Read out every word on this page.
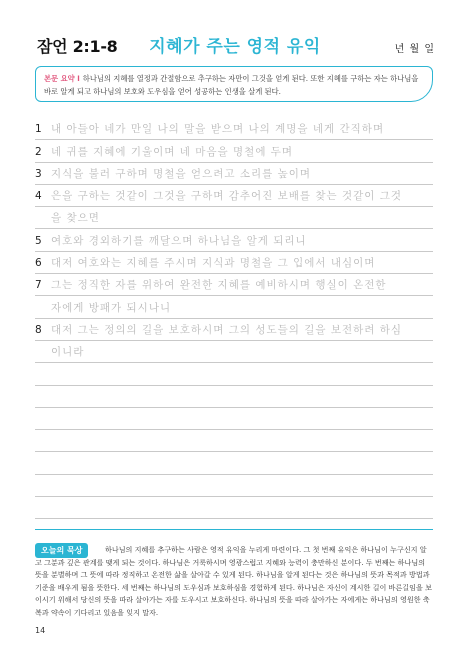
잠언 2:1-8	지혜가 주는 영적 유익	년 월 일
본문 요약 l 하나님의 지혜를 열정과 간절함으로 추구하는 자만이 그것을 얻게 된다. 또한 지혜를 구하는 자는 하나님을 바로 알게 되고 하나님의 보호와 도우심을 얻어 성공하는 인생을 살게 된다.
1 내 아들아 네가 만일 나의 말을 받으며 나의 계명을 네게 간직하며
2 네 귀를 지혜에 기울이며 네 마음을 명철에 두며
3 지식을 불러 구하며 명철을 얻으려고 소리를 높이며
4 은을 구하는 것같이 그것을 구하며 감추어진 보배를 찾는 것같이 그것
을 찾으면
5 여호와 경외하기를 깨달으며 하나님을 알게 되리니
6 대저 여호와는 지혜를 주시며 지식과 명철을 그 입에서 내심이며
7 그는 정직한 자를 위하여 완전한 지혜를 예비하시며 행실이 온전한
자에게 방패가 되시나니
8 대저 그는 정의의 길을 보호하시며 그의 성도들의 길을 보전하려 하심
이니라
하나님의 지혜를 추구하는 사람은 영적 유익을 누리게 마련이다. 그 첫 번째 유익은 하나님이 누구신지 알고 그분과 깊은 관계를 맺게 되는 것이다. 하나님은 거룩하시며 영광스럽고 지혜와 능력이 충만하신 분이다. 두 번째는 하나님의 뜻을 분별하며 그 뜻에 따라 정직하고 온전한 삶을 살아갈 수 있게 된다. 하나님을 알게 된다는 것은 하나님의 뜻과 목적과 방법과 기준을 배우게 됨을 뜻한다. 세 번째는 하나님의 도우심과 보호하심을 경험하게 된다. 하나님은 자신이 계시한 길이 바른길임을 보이시기 위해서 당신의 뜻을 따라 살아가는 자를 도우시고 보호하신다. 하나님의 뜻을 따라 살아가는 자에게는 하나님의 영원한 축복과 약속이 기다리고 있음을 잊지 말자.
오늘의 묵상
14
